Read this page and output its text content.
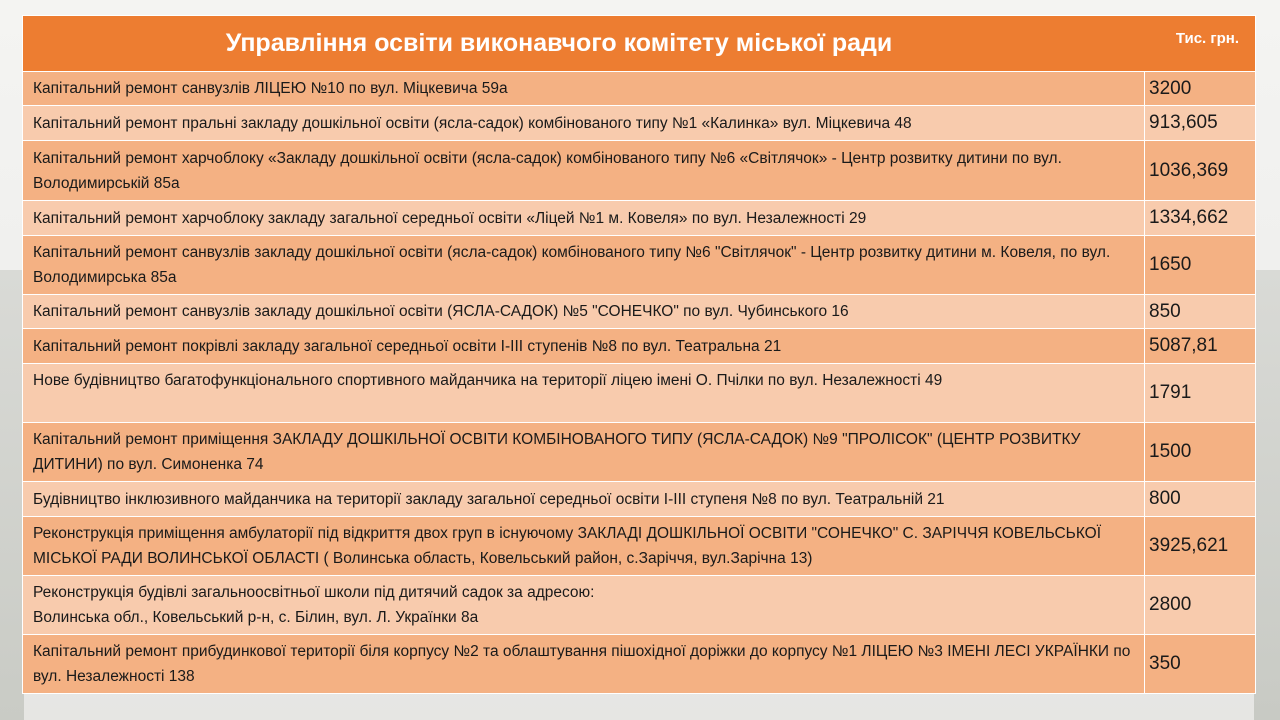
Управління освіти виконавчого комітету міської ради Тис. грн.	

Капітальний ремонт санвузлів ЛІЦЕЮ №10 по вул. Міцкевича 59а	3200
Капітальний ремонт пральні закладу дошкільної освіти (ясла-садок) комбінованого типу №1 «Калинка» вул. Міцкевича 48	913,605
Капітальний ремонт харчоблоку «Закладу дошкільної освіти (ясла-садок) комбінованого типу №6 «Світлячок» - Центр розвитку дитини по вул. Володимирській 85а	1036,369
Капітальний ремонт харчоблоку закладу загальної середньої освіти «Ліцей №1 м. Ковеля» по вул. Незалежності 29	1334,662
Капітальний ремонт санвузлів закладу дошкільної освіти (ясла-садок) комбінованого типу №6 "Світлячок" - Центр розвитку дитини м. Ковеля, по вул. Володимирська 85а	1650
Капітальний ремонт санвузлів закладу дошкільної освіти (ЯСЛА-САДОК) №5 "СОНЕЧКО" по вул. Чубинського 16	850
Капітальний ремонт покрівлі закладу загальної середньої освіти І-ІІІ ступенів №8 по вул. Театральна 21	5087,81
Нове будівництво багатофункціонального спортивного майданчика на території ліцею імені О. Пчілки по вул. Незалежності 49	1791
Капітальний ремонт приміщення ЗАКЛАДУ ДОШКІЛЬНОЇ ОСВІТИ КОМБІНОВАНОГО ТИПУ (ЯСЛА-САДОК) №9 "ПРОЛІСОК" (ЦЕНТР РОЗВИТКУ ДИТИНИ) по вул. Симоненка 74	1500
Будівництво інклюзивного майданчика на території закладу загальної середньої освіти І-ІІІ ступеня №8 по вул. Театральній 21	800
Реконструкція приміщення амбулаторії під відкриття двох груп в існуючому ЗАКЛАДІ ДОШКІЛЬНОЇ ОСВІТИ "СОНЕЧКО" С. ЗАРІЧЧЯ КОВЕЛЬСЬКОЇ МІСЬКОЇ РАДИ ВОЛИНСЬКОЇ ОБЛАСТІ ( Волинська область, Ковельський район, с.Заріччя, вул.Зарічна 13)	3925,621
Реконструкція будівлі загальноосвітньої школи під дитячий садок за адресою:
Волинська обл., Ковельський р-н, с. Білин, вул. Л. Українки 8а	2800
Капітальний ремонт прибудинкової території біля корпусу №2 та облаштування пішохідної доріжки до корпусу №1 ЛІЦЕЮ №3 ІМЕНІ ЛЕСІ УКРАЇНКИ по вул. Незалежності 138	350
